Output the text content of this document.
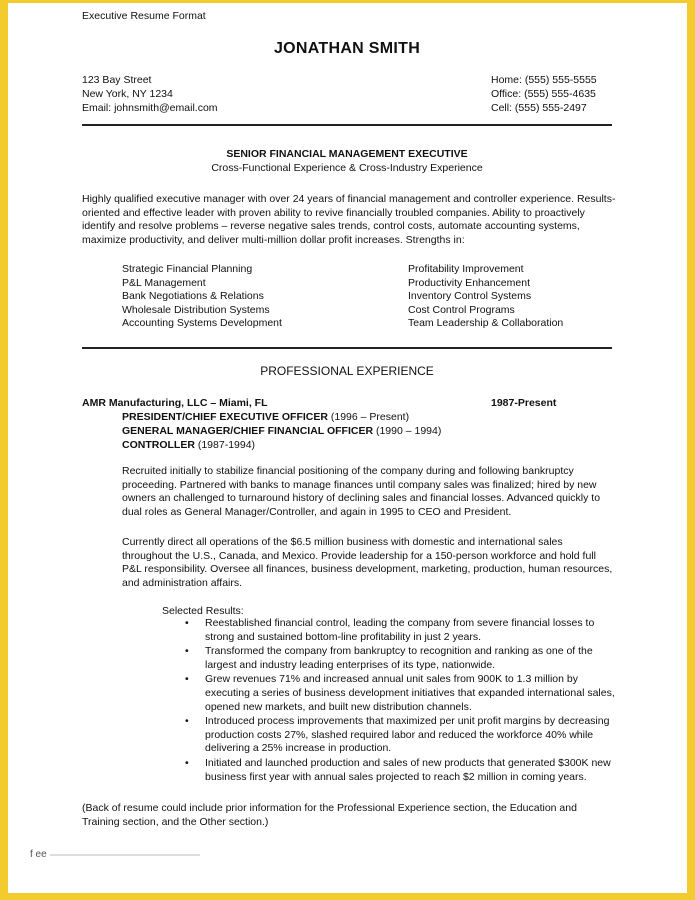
Executive Resume Format
JONATHAN SMITH
123 Bay Street
New York, NY 1234
Email: johnsmith@email.com
Home: (555) 555-5555
Office: (555) 555-4635
Cell: (555) 555-2497
SENIOR FINANCIAL MANAGEMENT EXECUTIVE
Cross-Functional Experience & Cross-Industry Experience
Highly qualified executive manager with over 24 years of financial management and controller experience. Results-
oriented and effective leader with proven ability to revive financially troubled companies. Ability to proactively
identify and resolve problems – reverse negative sales trends, control costs, automate accounting systems,
maximize productivity, and deliver multi-million dollar profit increases. Strengths in:
Strategic Financial Planning
P&L Management
Bank Negotiations & Relations
Wholesale Distribution Systems
Accounting Systems Development
Profitability Improvement
Productivity Enhancement
Inventory Control Systems
Cost Control Programs
Team Leadership & Collaboration
PROFESSIONAL EXPERIENCE
AMR Manufacturing, LLC – Miami, FL	1987-Present
PRESIDENT/CHIEF EXECUTIVE OFFICER (1996 – Present)
GENERAL MANAGER/CHIEF FINANCIAL OFFICER (1990 – 1994)
CONTROLLER (1987-1994)
Recruited initially to stabilize financial positioning of the company during and following bankruptcy
proceeding. Partnered with banks to manage finances until company sales was finalized; hired by new
owners an challenged to turnaround history of declining sales and financial losses. Advanced quickly to
dual roles as General Manager/Controller, and again in 1995 to CEO and President.
Currently direct all operations of the $6.5 million business with domestic and international sales
throughout the U.S., Canada, and Mexico. Provide leadership for a 150-person workforce and hold full
P&L responsibility. Oversee all finances, business development, marketing, production, human resources,
and administration affairs.
Selected Results:
• Reestablished financial control, leading the company from severe financial losses to
strong and sustained bottom-line profitability in just 2 years.
• Transformed the company from bankruptcy to recognition and ranking as one of the
largest and industry leading enterprises of its type, nationwide.
• Grew revenues 71% and increased annual unit sales from 900K to 1.3 million by
executing a series of business development initiatives that expanded international sales,
opened new markets, and built new distribution channels.
• Introduced process improvements that maximized per unit profit margins by decreasing
production costs 27%, slashed required labor and reduced the workforce 40% while
delivering a 25% increase in production.
• Initiated and launched production and sales of new products that generated $300K new
business first year with annual sales projected to reach $2 million in coming years.
(Back of resume could include prior information for the Professional Experience section, the Education and
Training section, and the Other section.)
f ee
